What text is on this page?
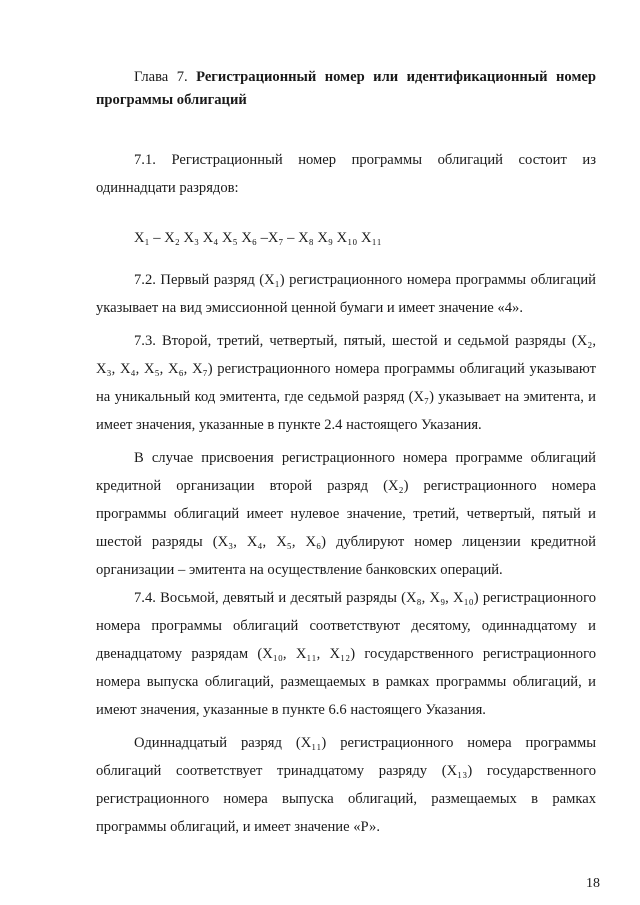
Глава 7. Регистрационный номер или идентификационный номер программы облигаций

7.1. Регистрационный номер программы облигаций состоит из одиннадцати разрядов:

X₁ – X₂ X₃ X₄ X₅ X₆ –X₇ – X₈ X₉ X₁₀ X₁₁

7.2. Первый разряд (X₁) регистрационного номера программы облигаций указывает на вид эмиссионной ценной бумаги и имеет значение «4».

7.3. Второй, третий, четвертый, пятый, шестой и седьмой разряды (X₂, X₃, X₄, X₅, X₆, X₇) регистрационного номера программы облигаций указывают на уникальный код эмитента, где седьмой разряд (X₇) указывает на эмитента, и имеет значения, указанные в пункте 2.4 настоящего Указания.

В случае присвоения регистрационного номера программе облигаций кредитной организации второй разряд (X₂) регистрационного номера программы облигаций имеет нулевое значение, третий, четвертый, пятый и шестой разряды (X₃, X₄, X₅, X₆) дублируют номер лицензии кредитной организации – эмитента на осуществление банковских операций.

7.4. Восьмой, девятый и десятый разряды (X₈, X₉, X₁₀) регистрационного номера программы облигаций соответствуют десятому, одиннадцатому и двенадцатому разрядам (X₁₀, X₁₁, X₁₂) государственного регистрационного номера выпуска облигаций, размещаемых в рамках программы облигаций, и имеют значения, указанные в пункте 6.6 настоящего Указания.

Одиннадцатый разряд (X₁₁) регистрационного номера программы облигаций соответствует тринадцатому разряду (X₁₃) государственного регистрационного номера выпуска облигаций, размещаемых в рамках программы облигаций, и имеет значение «Р».

18
